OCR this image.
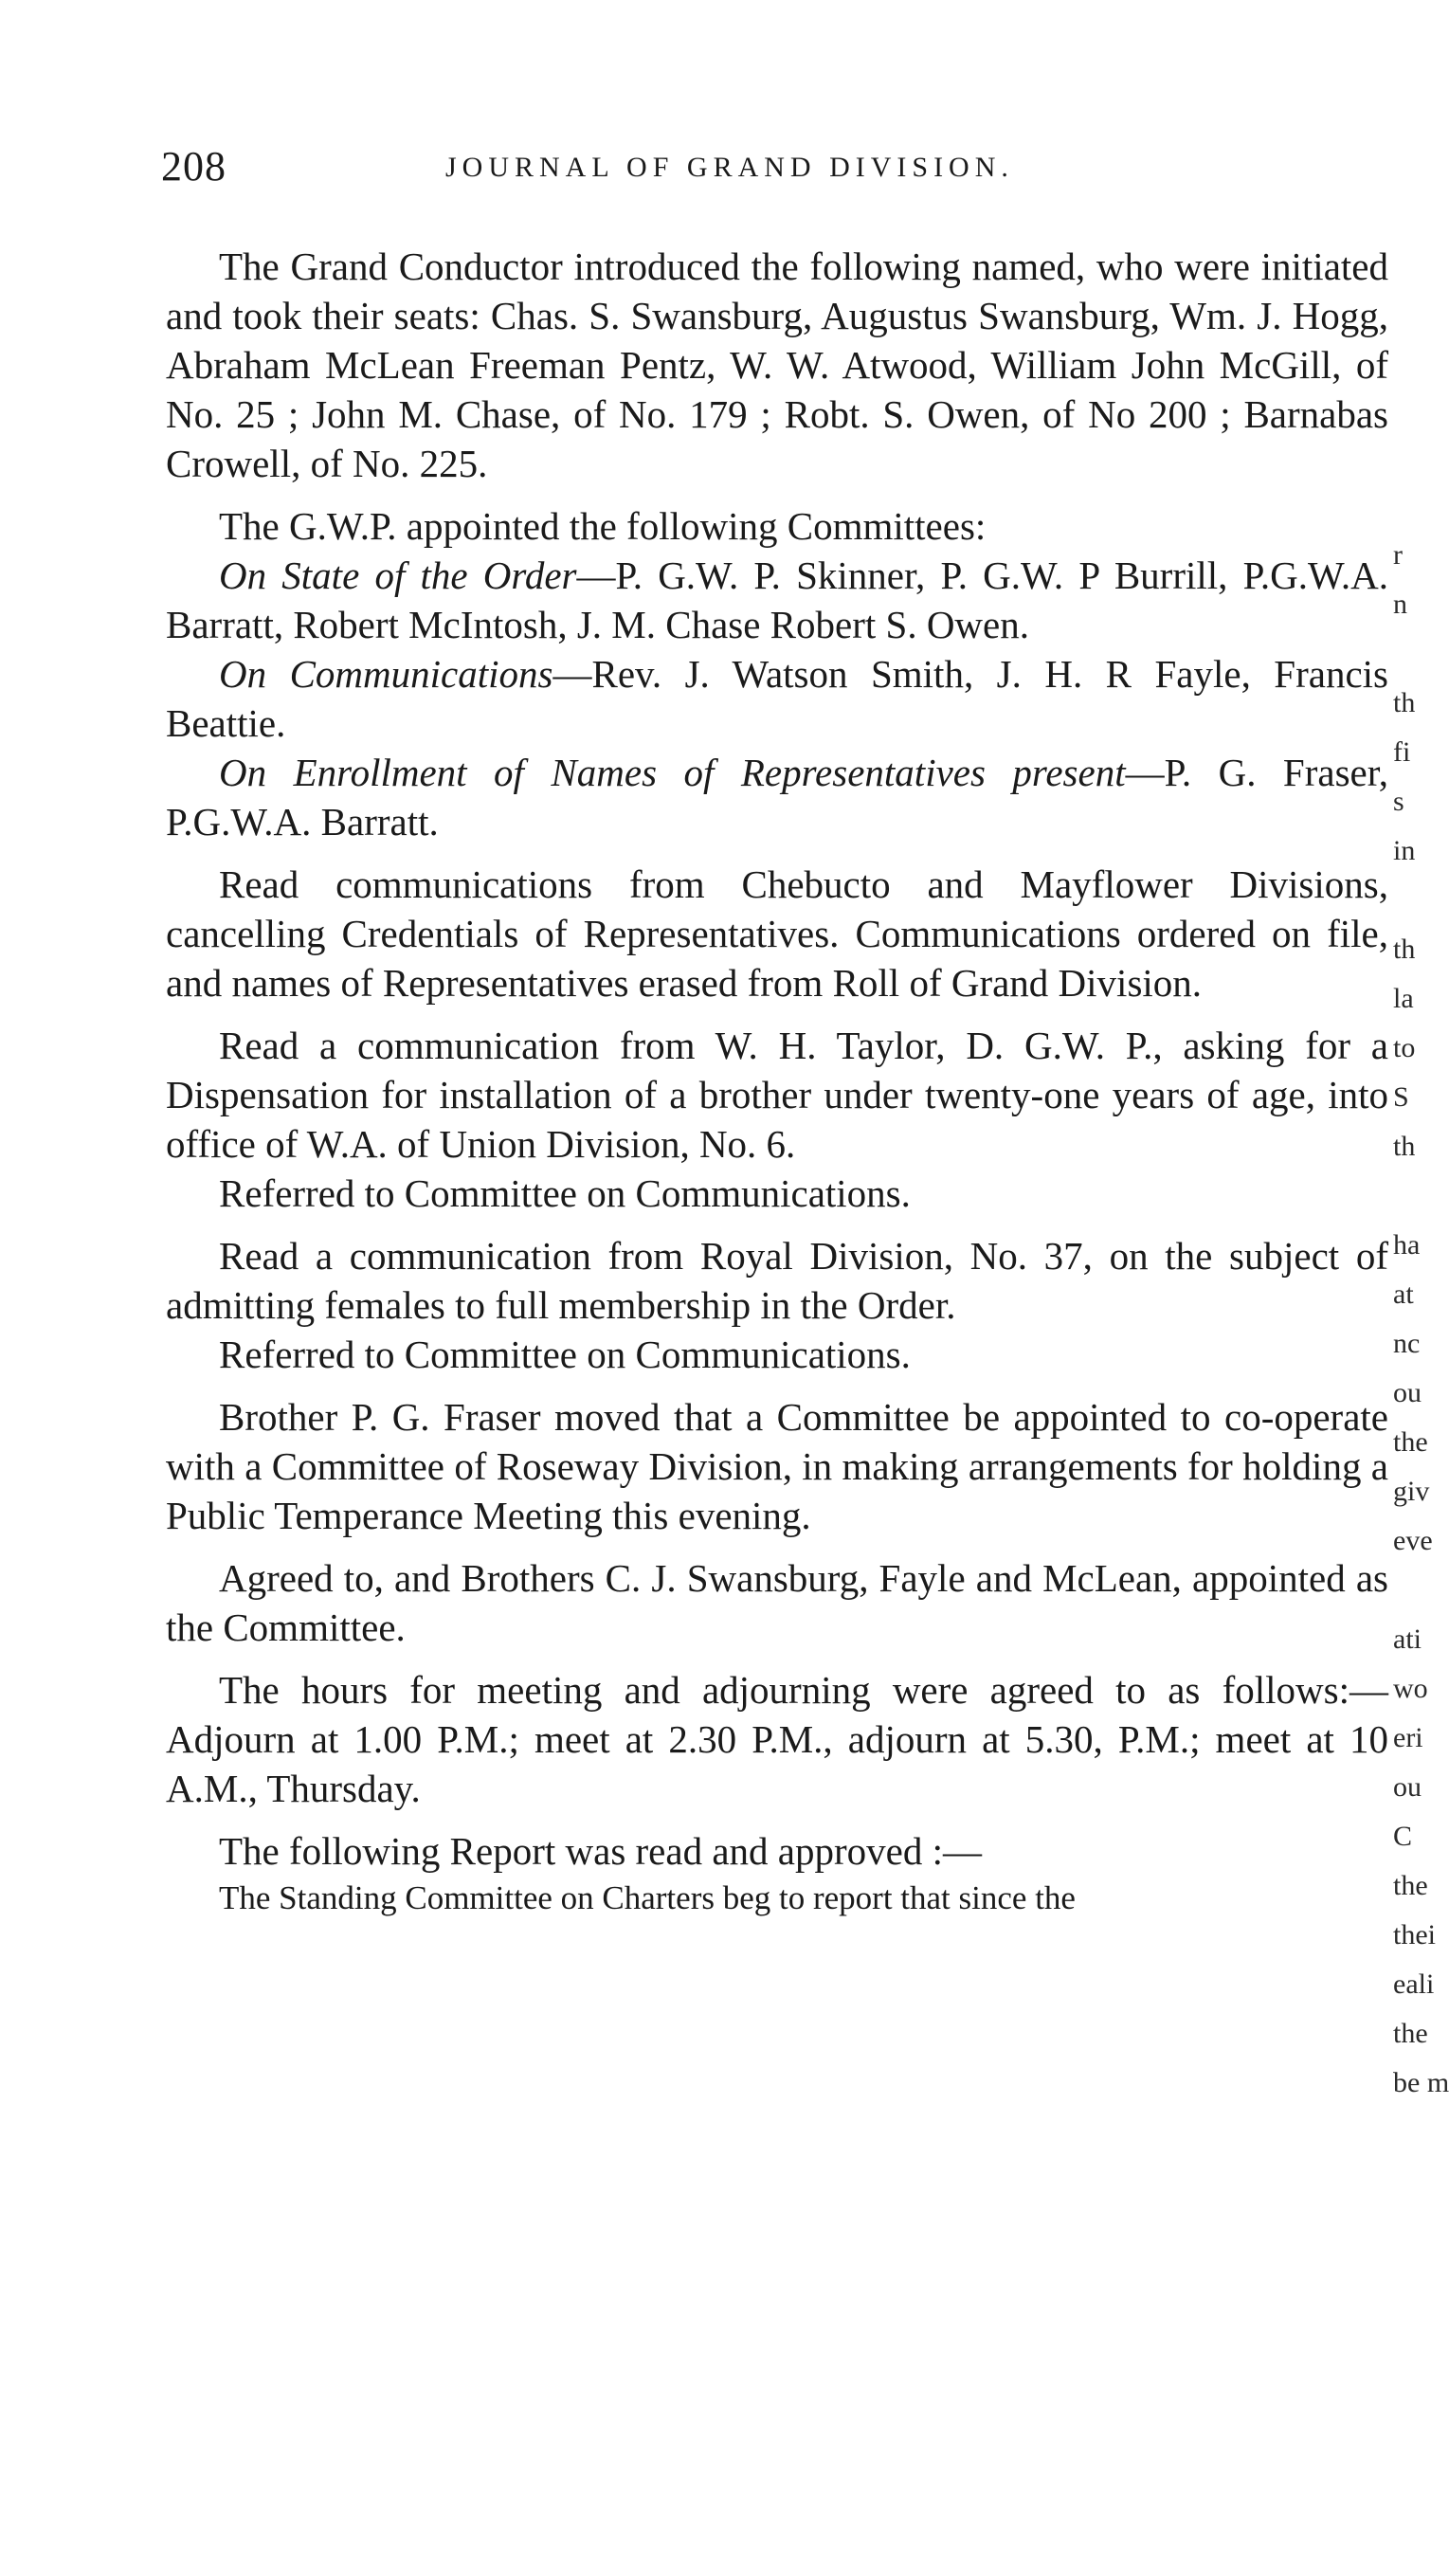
208	JOURNAL OF GRAND DIVISION.

The Grand Conductor introduced the following named, who were initiated and took their seats: Chas. S. Swansburg, Augustus Swansburg, Wm. J. Hogg, Abraham McLean Freeman Pentz, W. W. Atwood, William John McGill, of No. 25 ; John M. Chase, of No. 179 ; Robt. S. Owen, of No 200 ; Barnabas Crowell, of No. 225.

The G.W.P. appointed the following Committees:

On State of the Order—P. G.W. P. Skinner, P. G.W. P Burrill, P.G.W.A. Barratt, Robert McIntosh, J. M. Chase Robert S. Owen.

On Communications—Rev. J. Watson Smith, J. H. R Fayle, Francis Beattie.

On Enrollment of Names of Representatives present—P. G. Fraser, P.G.W.A. Barratt.

Read communications from Chebucto and Mayflower Divisions, cancelling Credentials of Representatives. Communications ordered on file, and names of Representatives erased from Roll of Grand Division.

Read a communication from W. H. Taylor, D. G.W. P., asking for a Dispensation for installation of a brother under twenty-one years of age, into office of W.A. of Union Division, No. 6.

Referred to Committee on Communications.

Read a communication from Royal Division, No. 37, on the subject of admitting females to full membership in the Order.

Referred to Committee on Communications.

Brother P. G. Fraser moved that a Committee be appointed to co-operate with a Committee of Roseway Division, in making arrangements for holding a Public Temperance Meeting this evening.

Agreed to, and Brothers C. J. Swansburg, Fayle and McLean, appointed as the Committee.

The hours for meeting and adjourning were agreed to as follows:—Adjourn at 1.00 P.M.; meet at 2.30 P.M., adjourn at 5.30, P.M.; meet at 10 A.M., Thursday.

The following Report was read and approved :—

The Standing Committee on Charters beg to report that since the

r
n

th
fi
s
in

th
la
to
S
th

ha
at
nc
ou
the
giv
eve

ati
wo
eri
ou
C
the
thei
eali
the
be m
